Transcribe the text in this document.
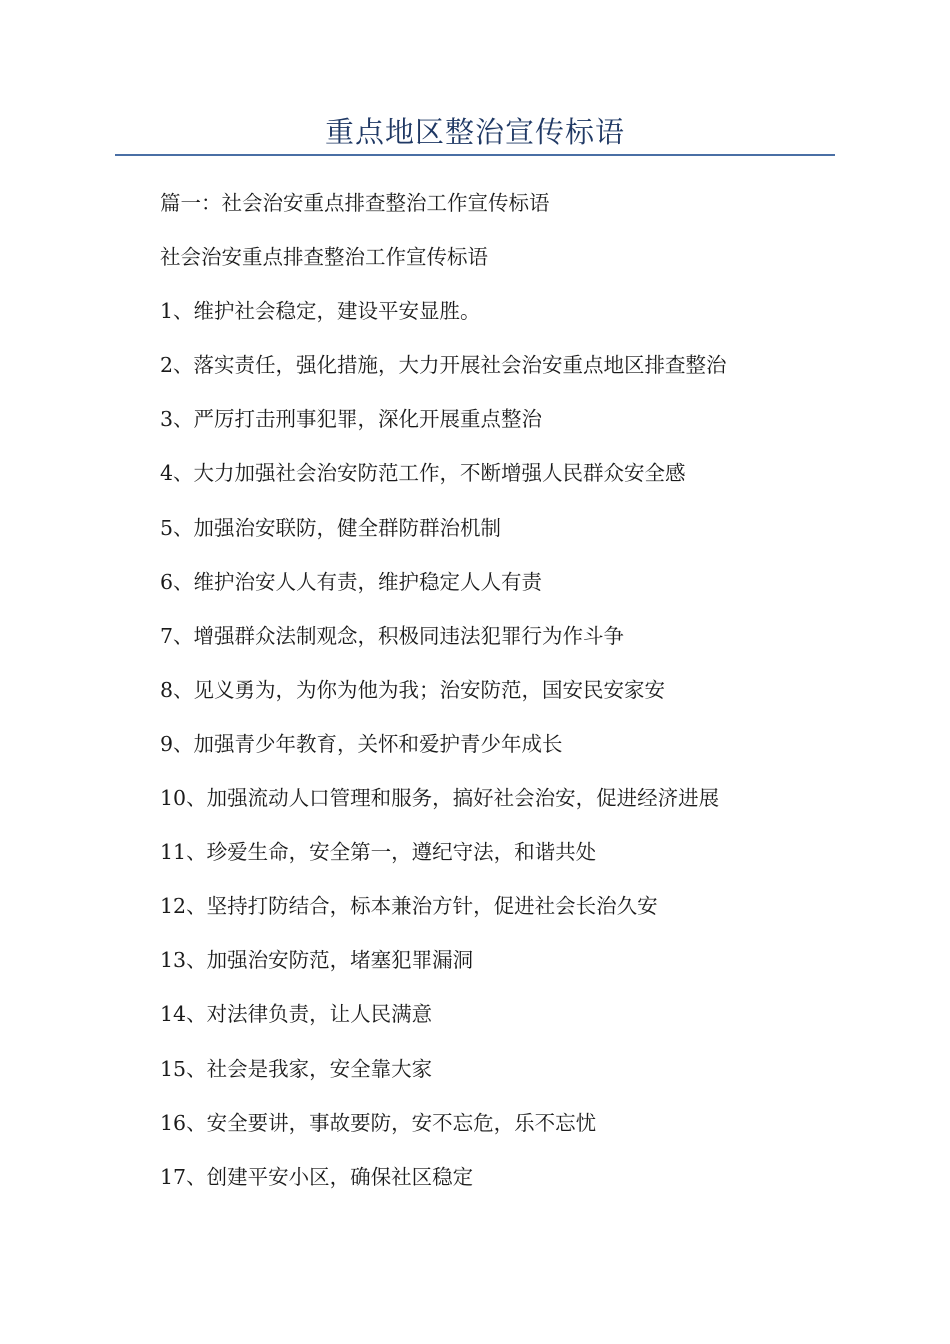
重点地区整治宣传标语
篇一：社会治安重点排查整治工作宣传标语
社会治安重点排查整治工作宣传标语
1、维护社会稳定，建设平安显胜。
2、落实责任，强化措施，大力开展社会治安重点地区排查整治
3、严厉打击刑事犯罪，深化开展重点整治
4、大力加强社会治安防范工作，不断增强人民群众安全感
5、加强治安联防，健全群防群治机制
6、维护治安人人有责，维护稳定人人有责
7、增强群众法制观念，积极同违法犯罪行为作斗争
8、见义勇为，为你为他为我；治安防范，国安民安家安
9、加强青少年教育，关怀和爱护青少年成长
10、加强流动人口管理和服务，搞好社会治安，促进经济进展
11、珍爱生命，安全第一，遵纪守法，和谐共处
12、坚持打防结合，标本兼治方针，促进社会长治久安
13、加强治安防范，堵塞犯罪漏洞
14、对法律负责，让人民满意
15、社会是我家，安全靠大家
16、安全要讲，事故要防，安不忘危，乐不忘忧
17、创建平安小区，确保社区稳定
